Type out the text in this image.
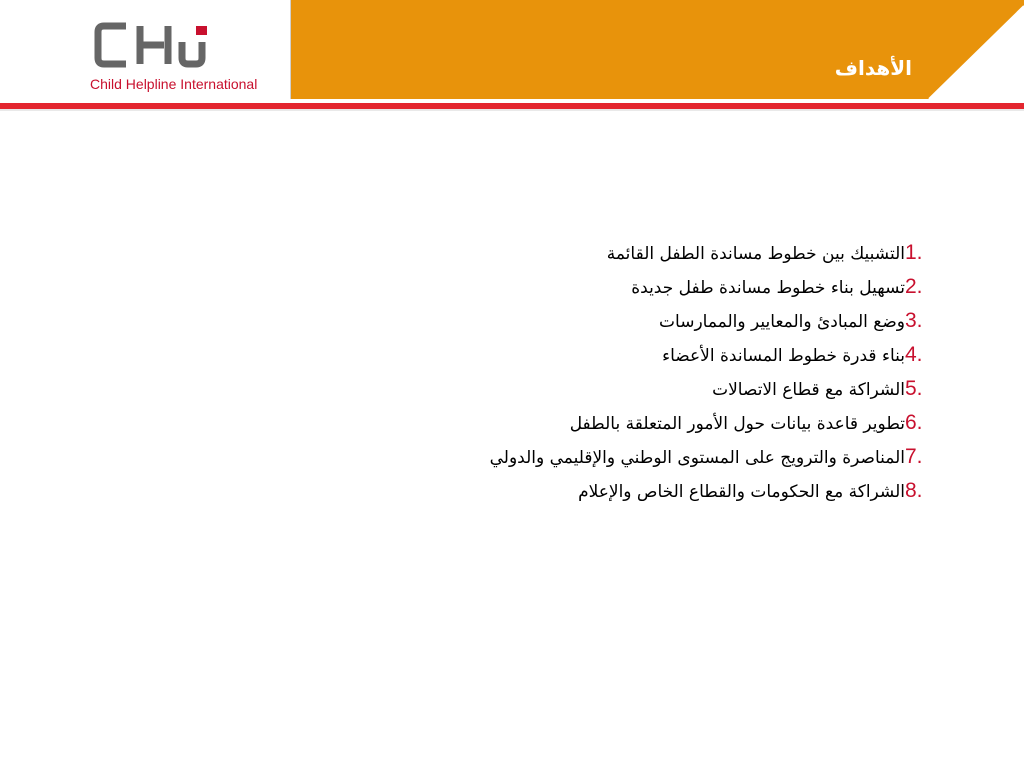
Child Helpline International
الأهداف
1.التشبيك بين خطوط مساندة الطفل القائمة
2.تسهيل بناء خطوط مساندة طفل جديدة
3.وضع المبادئ والمعايير والممارسات
4.بناء قدرة خطوط المساندة الأعضاء
5.الشراكة مع قطاع الاتصالات
6.تطوير قاعدة بيانات حول الأمور المتعلقة بالطفل
7.المناصرة والترويج على المستوى الوطني والإقليمي والدولي
8.الشراكة مع الحكومات والقطاع الخاص والإعلام
